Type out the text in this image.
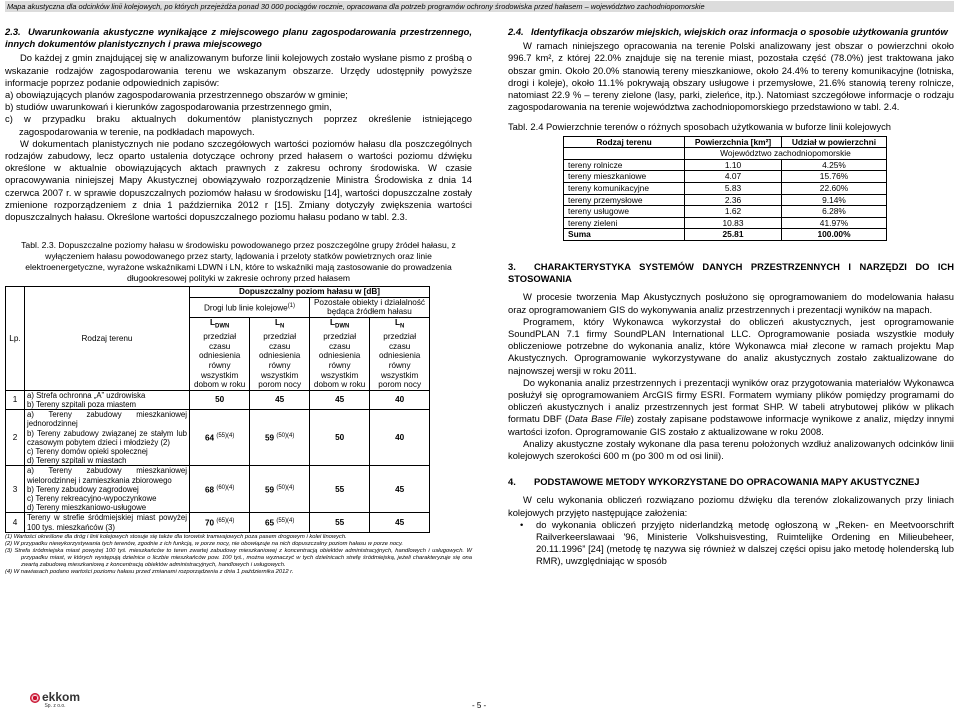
Mapa akustyczna dla odcinków linii kolejowych, po których przejeżdża ponad 30 000 pociągów rocznie, opracowana dla potrzeb programów ochrony środowiska przed hałasem – województwo zachodniopomorskie
2.3. Uwarunkowania akustyczne wynikające z miejscowego planu zagospodarowania przestrzennego, innych dokumentów planistycznych i prawa miejscowego

Do każdej z gmin znajdującej się w analizowanym buforze linii kolejowych zostało wysłane pismo z prośbą o wskazanie rodzajów zagospodarowania terenu we wskazanym obszarze. Urzędy udostępniły powyższe informacje poprzez podanie odpowiednich zapisów:

a) obowiązujących planów zagospodarowania przestrzennego obszarów w gminie;
b) studiów uwarunkowań i kierunków zagospodarowania przestrzennego gmin,
c) w przypadku braku aktualnych dokumentów planistycznych poprzez określenie istniejącego zagospodarowania w terenie, na podkładach mapowych.

W dokumentach planistycznych nie podano szczegółowych wartości poziomów hałasu dla poszczególnych rodzajów zabudowy, lecz oparto ustalenia dotyczące ochrony przed hałasem o wartości poziomu dźwięku określone w aktualnie obowiązujących aktach prawnych z zakresu ochrony środowiska. W czasie opracowywania niniejszej Mapy Akustycznej obowiązywało rozporządzenie Ministra Środowiska z dnia 14 czerwca 2007 r. w sprawie dopuszczalnych poziomów hałasu w środowisku [14], wartości dopuszczalne zostały zmienione rozporządzeniem z dnia 1 października 2012 r [15]. Zmiany dotyczyły zwiększenia wartości dopuszczalnych hałasu. Określone wartości dopuszczalnego poziomu hałasu podano w tabl. 2.3.

Tabl. 2.3. Dopuszczalne poziomy hałasu w środowisku powodowanego przez poszczególne grupy źródeł hałasu, z wyłączeniem hałasu powodowanego przez starty, lądowania i przeloty statków powietrznych oraz linie elektroenergetyczne, wyrażone wskaźnikami LDWN i LN, które to wskaźniki mają zastosowanie do prowadzenia długookresowej polityki w zakresie ochrony przed hałasem
Lp.	Rodzaj terenu	Dopuszczalny poziom hałasu w [dB]			
		Drogi lub linie kolejowe$^{(1)}$		Pozostałe obiekty i działalność będąca źródłem hałasu	
		$L_{DWN}$
przedział czasu odniesienia równy wszystkim dobom w roku	$L_N$
przedział czasu odniesienia równy wszystkim porom nocy	$L_{DWN}$
przedział czasu odniesienia równy wszystkim dobom w roku	$L_N$
przedział czasu odniesienia równy wszystkim porom nocy
1	a) Strefa ochronna „A” uzdrowiska
b) Tereny szpitali poza miastem	50	45	45	40
2	a) Tereny zabudowy mieszkaniowej jednorodzinnej
b) Tereny zabudowy związanej ze stałym lub czasowym pobytem dzieci i młodzieży (2)
c) Tereny domów opieki społecznej
d) Tereny szpitali w miastach	64 $^{(55)(4)}$	59 $^{(50)(4)}$	50	40
3	a) Tereny zabudowy mieszkaniowej wielorodzinnej i zamieszkania zbiorowego
b) Tereny zabudowy zagrodowej
c) Tereny rekreacyjno-wypoczynkowe
d) Tereny mieszkaniowo-usługowe	68 $^{(60)(4)}$	59 $^{(50)(4)}$	55	45
4	Tereny w strefie śródmiejskiej miast powyżej 100 tys. mieszkańców (3)	70 $^{(65)(4)}$	65 $^{(55)(4)}$	55	45
(1) Wartości określone dla dróg i linii kolejowych stosuje się także dla torowisk tramwajowych poza pasem drogowym i kolei linowych.
(2) W przypadku niewykorzystywania tych terenów, zgodnie z ich funkcją, w porze nocy, nie obowiązuje na nich dopuszczalny poziom hałasu w porze nocy.
(3) Strefa śródmiejska miast powyżej 100 tyś. mieszkańców to teren zwartej zabudowy mieszkaniowej z koncentracją obiektów administracyjnych, handlowych i usługowych. W przypadku miast, w których występują dzielnice o liczbie mieszkańców pow. 100 tyś., można wyznaczyć w tych dzielnicach strefę śródmiejską, jeżeli charakteryzuje się ona zwartą zabudową mieszkaniową z koncentracją obiektów administracyjnych, handlowych i usługowych.
(4) W nawiasach podano wartości poziomu hałasu przed zmianami rozporządzenia z dnia 1 października 2012 r.
2.4. Identyfikacja obszarów miejskich, wiejskich oraz informacja o sposobie użytkowania gruntów

W ramach niniejszego opracowania na terenie Polski analizowany jest obszar o powierzchni około 996.7 km², z której 22.0% znajduje się na terenie miast, pozostała część (78.0%) jest traktowana jako obszar gmin. Około 20.0% stanowią tereny mieszkaniowe, około 24.4% to tereny komunikacyjne (lotniska, drogi i koleje), około 11.1% pokrywają obszary usługowe i przemysłowe, 21.6% stanowią tereny rolnicze, natomiast 22.9 % – tereny zielone (lasy, parki, zieleńce, itp.). Natomiast szczegółowe informacje o rodzaju zagospodarowania na terenie województwa zachodniopomorskiego przedstawiono w tabl. 2.4.

Tabl. 2.4 Powierzchnie terenów o różnych sposobach użytkowania w buforze linii kolejowych
Rodzaj terenu	Powierzchnia [km²]	Udział w powierzchni
	Województwo zachodniopomorskie	
tereny rolnicze	1.10	4.25%
tereny mieszkaniowe	4.07	15.76%
tereny komunikacyjne	5.83	22.60%
tereny przemysłowe	2.36	9.14%
tereny usługowe	1.62	6.28%
tereny zieleni	10.83	41.97%
Suma	25.81	100.00%
3. CHARAKTERYSTYKA SYSTEMÓW DANYCH PRZESTRZENNYCH I NARZĘDZI DO ICH STOSOWANIA

W procesie tworzenia Map Akustycznych posłużono się oprogramowaniem do modelowania hałasu oraz oprogramowaniem GIS do wykonywania analiz przestrzennych i prezentacji wyników na mapach.

Programem, który Wykonawca wykorzystał do obliczeń akustycznych, jest oprogramowanie SoundPLAN 7.1 firmy SoundPLAN International LLC. Oprogramowanie posiada wszystkie moduły obliczeniowe potrzebne do wykonania analiz, które Wykonawca miał zlecone w ramach projektu Map Akustycznych. Oprogramowanie wykorzystywane do analiz akustycznych zostało zaktualizowane do najnowszej wersji w roku 2011.

Do wykonania analiz przestrzennych i prezentacji wyników oraz przygotowania materiałów Wykonawca posłużył się oprogramowaniem ArcGIS firmy ESRI. Formatem wymiany plików pomiędzy programami do obliczeń akustycznych i analiz przestrzennych jest format SHP. W tabeli atrybutowej plików w plikach formatu DBF (Data Base File) zostały zapisane podstawowe informacje wynikowe z analiz, między innymi wartości izofon. Oprogramowanie GIS zostało z aktualizowane w roku 2008.

Analizy akustyczne zostały wykonane dla pasa terenu położonych wzdłuż analizowanych odcinków linii kolejowych szerokości 600 m (po 300 m od osi linii).

4. PODSTAWOWE METODY WYKORZYSTANE DO OPRACOWANIA MAPY AKUSTYCZNEJ

W celu wykonania obliczeń rozwiązano poziomu dźwięku dla terenów zlokalizowanych przy liniach kolejowych przyjęto następujące założenia:

• do wykonania obliczeń przyjęto niderlandzką metodę ogłoszoną w „Reken- en Meetvoorschrift Railverkeerslawaai '96, Ministerie Volkshuisvesting, Ruimtelijke Ordening en Milieubeheer, 20.11.1996” [24] (metodę tę nazywa się również w dalszej części opisu jako metodę holenderską lub RMR), uwzględniając w sposób
ekkom
Sp. z o.o.	- 5 -
